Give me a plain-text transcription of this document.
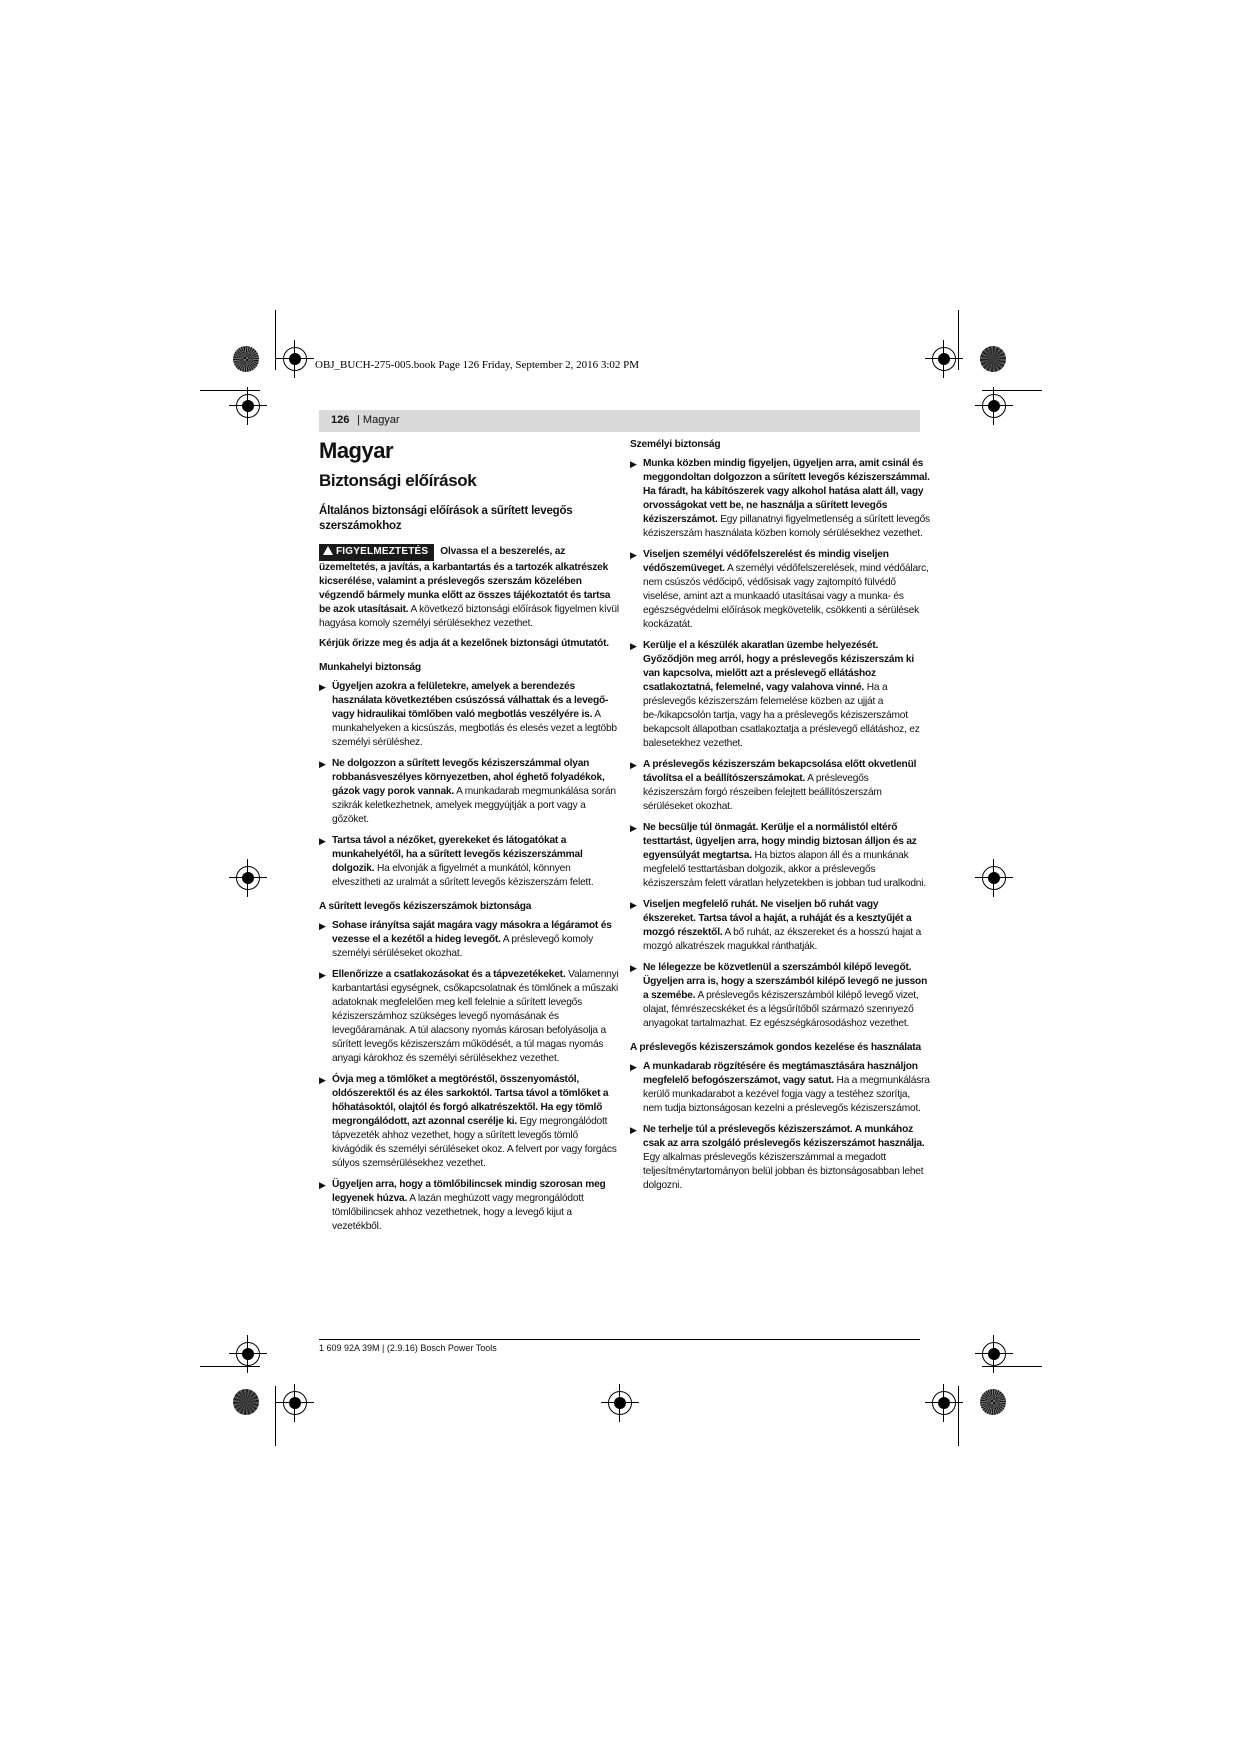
OBJ_BUCH-275-005.book Page 126 Friday, September 2, 2016 3:02 PM
126 | Magyar
Magyar
Biztonsági előírások
Általános biztonsági előírások a sűrített levegős szerszámokhoz

FIGYELMEZTETÉS Olvassa el a beszerelés, az üzemeltetés, a javítás, a karbantartás és a tartozék alkatrészek kicserélése, valamint a préslevegős szerszám közelében végzendő bármely munka előtt az összes tájékoztatót és tartsa be azok utasításait. A következő biztonsági előírások figyelmen kívül hagyása komoly személyi sérülésekhez vezethet.

Kérjük őrizze meg és adja át a kezelőnek biztonsági útmutatót.

Munkahelyi biztonság
▶ Ügyeljen azokra a felületekre, amelyek a berendezés használata következtében csúszóssá válhattak és a levegő- vagy hidraulikai tömlőben való megbotlás veszélyére is. A munkahelyeken a kicsúszás, megbotlás és elesés vezet a legtöbb személyi sérüléshez.
▶ Ne dolgozzon a sűrített levegős kéziszerszámmal olyan robbanásveszélyes környezetben, ahol éghető folyadékok, gázok vagy porok vannak. A munkadarab megmunkálása során szikrák keletkezhetnek, amelyek meggyújtják a port vagy a gőzöket.
▶ Tartsa távol a nézőket, gyerekeket és látogatókat a munkahelyétől, ha a sűrített levegős kéziszerszámmal dolgozik. Ha elvonják a figyelmét a munkától, könnyen elveszítheti az uralmát a sűrített levegős kéziszerszám felett.
A sűrített levegős kéziszerszámok biztonsága
▶ Sohase irányítsa saját magára vagy másokra a légáramot és vezesse el a kezétől a hideg levegőt. A préslevegő komoly személyi sérüléseket okozhat.
▶ Ellenőrizze a csatlakozásokat és a tápvezetékeket. Valamennyi karbantartási egységnek, csőkapcsolatnak és tömlőnek a műszaki adatoknak megfelelően meg kell felelnie a sűrített levegős kéziszerszámhoz szükséges levegő nyomásának és levegőáramának. A túl alacsony nyomás károsan befolyásolja a sűrített levegős kéziszerszám működését, a túl magas nyomás anyagi károkhoz és személyi sérülésekhez vezethet.
▶ Óvja meg a tömlőket a megtöréstől, összenyomástól, oldószerektől és az éles sarkoktól. Tartsa távol a tömlőket a hőhatásoktól, olajtól és forgó alkatrészektől. Ha egy tömlő megrongálódott, azt azonnal cserélje ki. Egy megrongálódott tápvezeték ahhoz vezethet, hogy a sűrített levegős tömlő kivágódik és személyi sérüléseket okoz. A felvert por vagy forgács súlyos szemsérülésekhez vezethet.
▶ Ügyeljen arra, hogy a tömlőbilincsek mindig szorosan meg legyenek húzva. A lazán meghúzott vagy megrongálódott tömlőbilincsek ahhoz vezethetnek, hogy a levegő kijut a vezetékből.
Személyi biztonság
▶ Munka közben mindig figyeljen, ügyeljen arra, amit csinál és meggondoltan dolgozzon a sűrített levegős kéziszerszámmal. Ha fáradt, ha kábítószerek vagy alkohol hatása alatt áll, vagy orvosságokat vett be, ne használja a sűrített levegős kéziszerszámot. Egy pillanatnyi figyelmetlenség a sűrített levegős kéziszerszám használata közben komoly sérülésekhez vezethet.
▶ Viseljen személyi védőfelszerelést és mindig viseljen védőszemüveget. A személyi védőfelszerelések, mind védőálarc, nem csúszós védőcipő, védősisak vagy zajtompító fülvédő viselése, amint azt a munkaadó utasításai vagy a munka- és egészségvédelmi előírások megkövetelik, csökkenti a sérülések kockázatát.
▶ Kerülje el a készülék akaratlan üzembe helyezését. Győződjön meg arról, hogy a préslevegős kéziszerszám ki van kapcsolva, mielőtt azt a préslevegő ellátáshoz csatlakoztatná, felemelné, vagy valahova vinné. Ha a préslevegős kéziszerszám felemelése közben az ujját a be-/kikapcsolón tartja, vagy ha a préslevegős kéziszerszámot bekapcsolt állapotban csatlakoztatja a préslevegő ellátáshoz, ez balesetekhez vezethet.
▶ A préslevegős kéziszerszám bekapcsolása előtt okvetlenül távolítsa el a beállítószerszámokat. A préslevegős kéziszerszám forgó részeiben felejtett beállítószerszám sérüléseket okozhat.
▶ Ne becsülje túl önmagát. Kerülje el a normálistól eltérő testtartást, ügyeljen arra, hogy mindig biztosan álljon és az egyensúlyát megtartsa. Ha biztos alapon áll és a munkának megfelelő testtartásban dolgozik, akkor a préslevegős kéziszerszám felett váratlan helyzetekben is jobban tud uralkodni.
▶ Viseljen megfelelő ruhát. Ne viseljen bő ruhát vagy ékszereket. Tartsa távol a haját, a ruháját és a kesztyűjét a mozgó részektől. A bő ruhát, az ékszereket és a hosszú hajat a mozgó alkatrészek magukkal ránthatják.
▶ Ne lélegezze be közvetlenül a szerszámból kilépő levegőt. Ügyeljen arra is, hogy a szerszámból kilépő levegő ne jusson a szemébe. A préslevegős kéziszerszámból kilépő levegő vizet, olajat, fémrészecskéket és a légsűrítőből származó szennyező anyagokat tartalmazhat. Ez egészségkárosodáshoz vezethet.
A préslevegős kéziszerszámok gondos kezelése és használata
▶ A munkadarab rögzítésére és megtámasztására használjon megfelelő befogószerszámot, vagy satut. Ha a megmunkálásra kerülő munkadarabot a kezével fogja vagy a testéhez szorítja, nem tudja biztonságosan kezelni a préslevegős kéziszerszámot.
▶ Ne terhelje túl a préslevegős kéziszerszámot. A munkához csak az arra szolgáló préslevegős kéziszerszámot használja. Egy alkalmas préslevegős kéziszerszámmal a megadott teljesítménytartományon belül jobban és biztonságosabban lehet dolgozni.
1 609 92A 39M | (2.9.16) Bosch Power Tools
